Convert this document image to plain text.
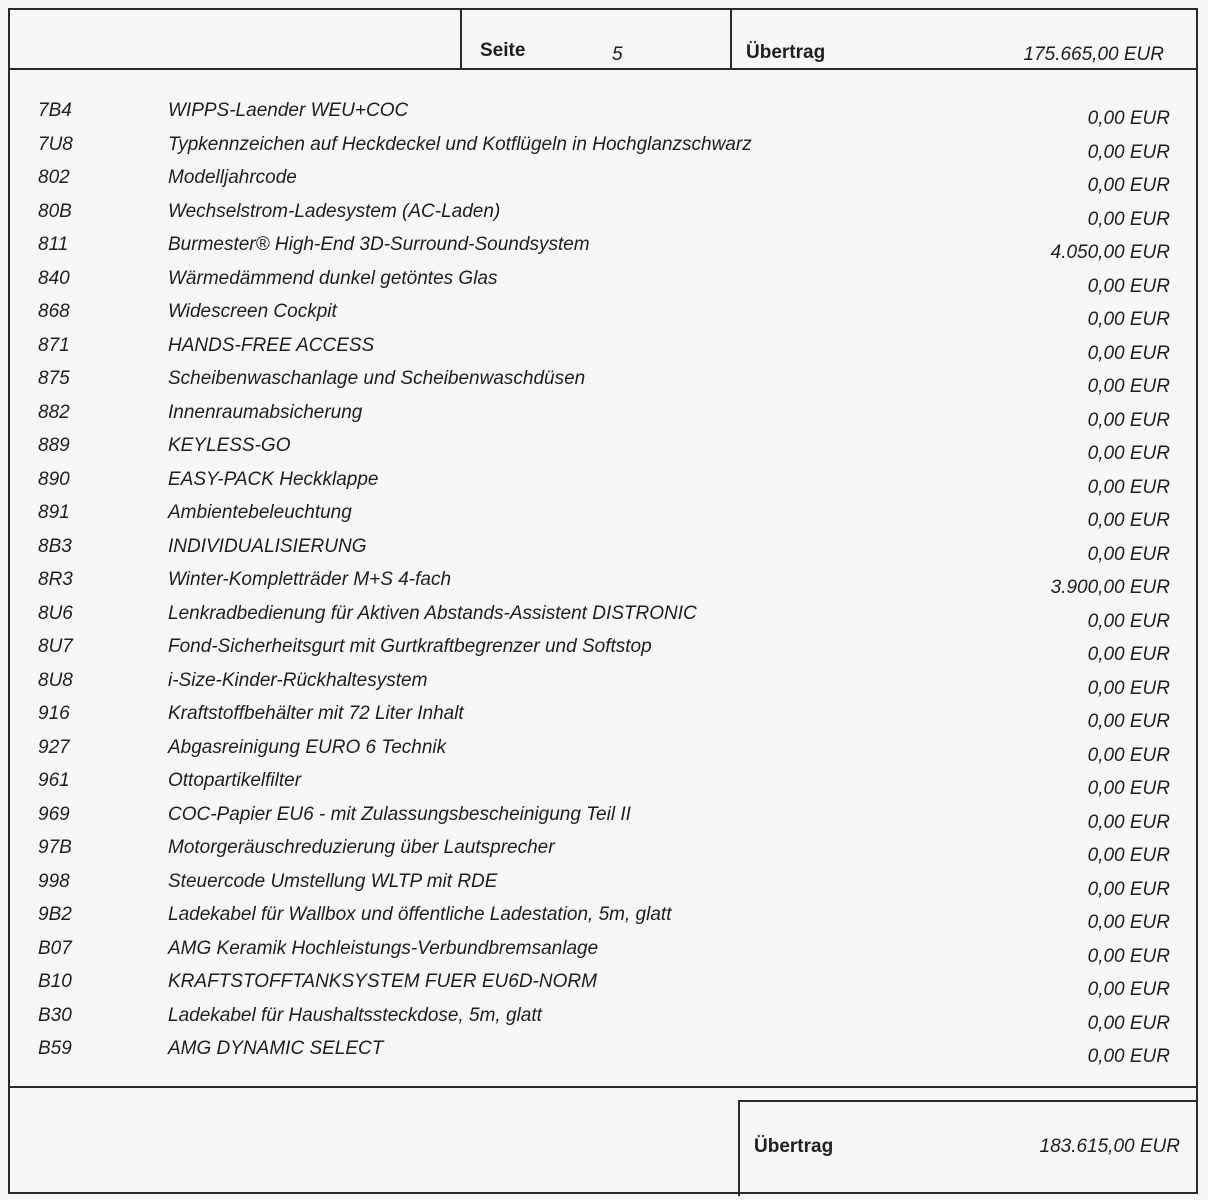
Seite	5	Übertrag	175.665,00 EUR
7B4	WIPPS-Laender WEU+COC	0,00 EUR
7U8	Typkennzeichen auf Heckdeckel und Kotflügeln in Hochglanzschwarz	0,00 EUR
802	Modelljahrcode	0,00 EUR
80B	Wechselstrom-Ladesystem (AC-Laden)	0,00 EUR
811	Burmester® High-End 3D-Surround-Soundsystem	4.050,00 EUR
840	Wärmedämmend dunkel getöntes Glas	0,00 EUR
868	Widescreen Cockpit	0,00 EUR
871	HANDS-FREE ACCESS	0,00 EUR
875	Scheibenwaschanlage und Scheibenwaschdüsen	0,00 EUR
882	Innenraumabsicherung	0,00 EUR
889	KEYLESS-GO	0,00 EUR
890	EASY-PACK Heckklappe	0,00 EUR
891	Ambientebeleuchtung	0,00 EUR
8B3	INDIVIDUALISIERUNG	0,00 EUR
8R3	Winter-Kompletträder M+S 4-fach	3.900,00 EUR
8U6	Lenkradbedienung für Aktiven Abstands-Assistent DISTRONIC	0,00 EUR
8U7	Fond-Sicherheitsgurt mit Gurtkraftbegrenzer und Softstop	0,00 EUR
8U8	i-Size-Kinder-Rückhaltesystem	0,00 EUR
916	Kraftstoffbehälter mit 72 Liter Inhalt	0,00 EUR
927	Abgasreinigung EURO 6 Technik	0,00 EUR
961	Ottopartikelfilter	0,00 EUR
969	COC-Papier EU6 - mit Zulassungsbescheinigung Teil II	0,00 EUR
97B	Motorgeräuschreduzierung über Lautsprecher	0,00 EUR
998	Steuercode Umstellung WLTP mit RDE	0,00 EUR
9B2	Ladekabel für Wallbox und öffentliche Ladestation, 5m, glatt	0,00 EUR
B07	AMG Keramik Hochleistungs-Verbundbremsanlage	0,00 EUR
B10	KRAFTSTOFFTANKSYSTEM FUER EU6D-NORM	0,00 EUR
B30	Ladekabel für Haushaltssteckdose, 5m, glatt	0,00 EUR
B59	AMG DYNAMIC SELECT	0,00 EUR
Übertrag	183.615,00 EUR
